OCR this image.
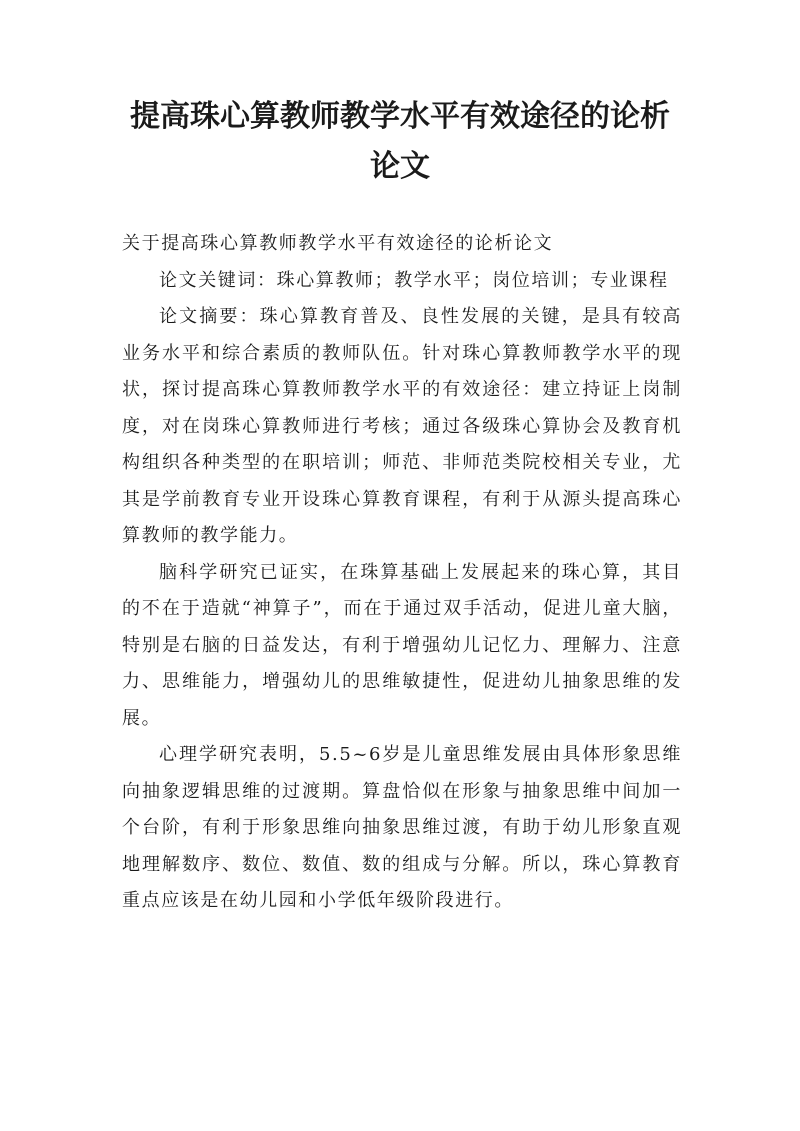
提高珠心算教师教学水平有效途径的论析
论文

关于提高珠心算教师教学水平有效途径的论析论文

论文关键词：珠心算教师；教学水平；岗位培训；专业课程

论文摘要：珠心算教育普及、良性发展的关键，是具有较高业务水平和综合素质的教师队伍。针对珠心算教师教学水平的现状，探讨提高珠心算教师教学水平的有效途径：建立持证上岗制度，对在岗珠心算教师进行考核；通过各级珠心算协会及教育机构组织各种类型的在职培训；师范、非师范类院校相关专业，尤其是学前教育专业开设珠心算教育课程，有利于从源头提高珠心算教师的教学能力。

脑科学研究已证实，在珠算基础上发展起来的珠心算，其目的不在于造就“神算子”，而在于通过双手活动，促进儿童大脑，特别是右脑的日益发达，有利于增强幼儿记忆力、理解力、注意力、思维能力，增强幼儿的思维敏捷性，促进幼儿抽象思维的发展。

心理学研究表明，5.5~6岁是儿童思维发展由具体形象思维向抽象逻辑思维的过渡期。算盘恰似在形象与抽象思维中间加一个台阶，有利于形象思维向抽象思维过渡，有助于幼儿形象直观地理解数序、数位、数值、数的组成与分解。所以，珠心算教育重点应该是在幼儿园和小学低年级阶段进行。
